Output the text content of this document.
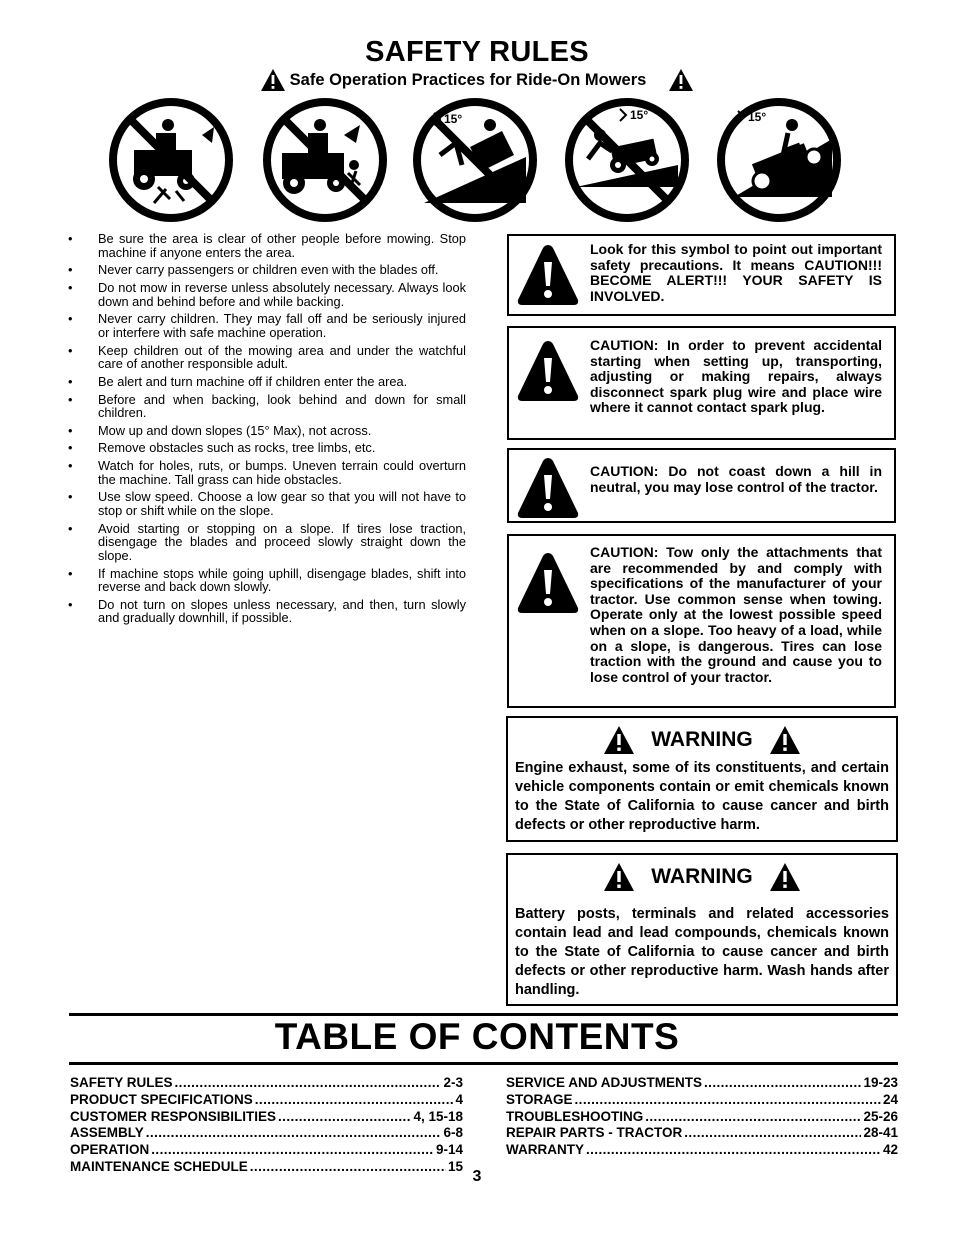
SAFETY RULES
Safe Operation Practices for Ride-On Mowers
15°	15°	15°
• Be sure the area is clear of other people before mowing. Stop machine if anyone enters the area.
• Never carry passengers or children even with the blades off.
• Do not mow in reverse unless absolutely necessary. Always look down and behind before and while backing.
• Never carry children. They may fall off and be seriously injured or interfere with safe machine operation.
• Keep children out of the mowing area and under the watchful care of another responsible adult.
• Be alert and turn machine off if children enter the area.
• Before and when backing, look behind and down for small children.
• Mow up and down slopes (15° Max), not across.
• Remove obstacles such as rocks, tree limbs, etc.
• Watch for holes, ruts, or bumps. Uneven terrain could overturn the machine. Tall grass can hide obstacles.
• Use slow speed. Choose a low gear so that you will not have to stop or shift while on the slope.
• Avoid starting or stopping on a slope. If tires lose traction, disengage the blades and proceed slowly straight down the slope.
• If machine stops while going uphill, disengage blades, shift into reverse and back down slowly.
• Do not turn on slopes unless necessary, and then, turn slowly and gradually downhill, if possible.
Look for this symbol to point out important safety precautions. It means CAUTION!!! BECOME ALERT!!! YOUR SAFETY IS INVOLVED.
CAUTION: In order to prevent accidental starting when setting up, transporting, adjusting or making repairs, always disconnect spark plug wire and place wire where it cannot contact spark plug.
CAUTION: Do not coast down a hill in neutral, you may lose control of the tractor.
CAUTION: Tow only the attachments that are recommended by and comply with specifications of the manufacturer of your tractor. Use common sense when towing. Operate only at the lowest possible speed when on a slope. Too heavy of a load, while on a slope, is dangerous. Tires can lose traction with the ground and cause you to lose control of your tractor.
WARNING
Engine exhaust, some of its constituents, and certain vehicle components contain or emit chemicals known to the State of California to cause cancer and birth defects or other reproductive harm.
WARNING
Battery posts, terminals and related accessories contain lead and lead compounds, chemicals known to the State of California to cause cancer and birth defects or other reproductive harm. Wash hands after handling.
TABLE OF CONTENTS
SAFETY RULES .....	2-3
PRODUCT SPECIFICATIONS .....	4
CUSTOMER RESPONSIBILITIES .....	4, 15-18
ASSEMBLY .....	6-8
OPERATION .....	9-14
MAINTENANCE SCHEDULE .....	15
SERVICE AND ADJUSTMENTS .....	19-23
STORAGE .....	24
TROUBLESHOOTING .....	25-26
REPAIR PARTS - TRACTOR .....	28-41
WARRANTY .....	42
3
